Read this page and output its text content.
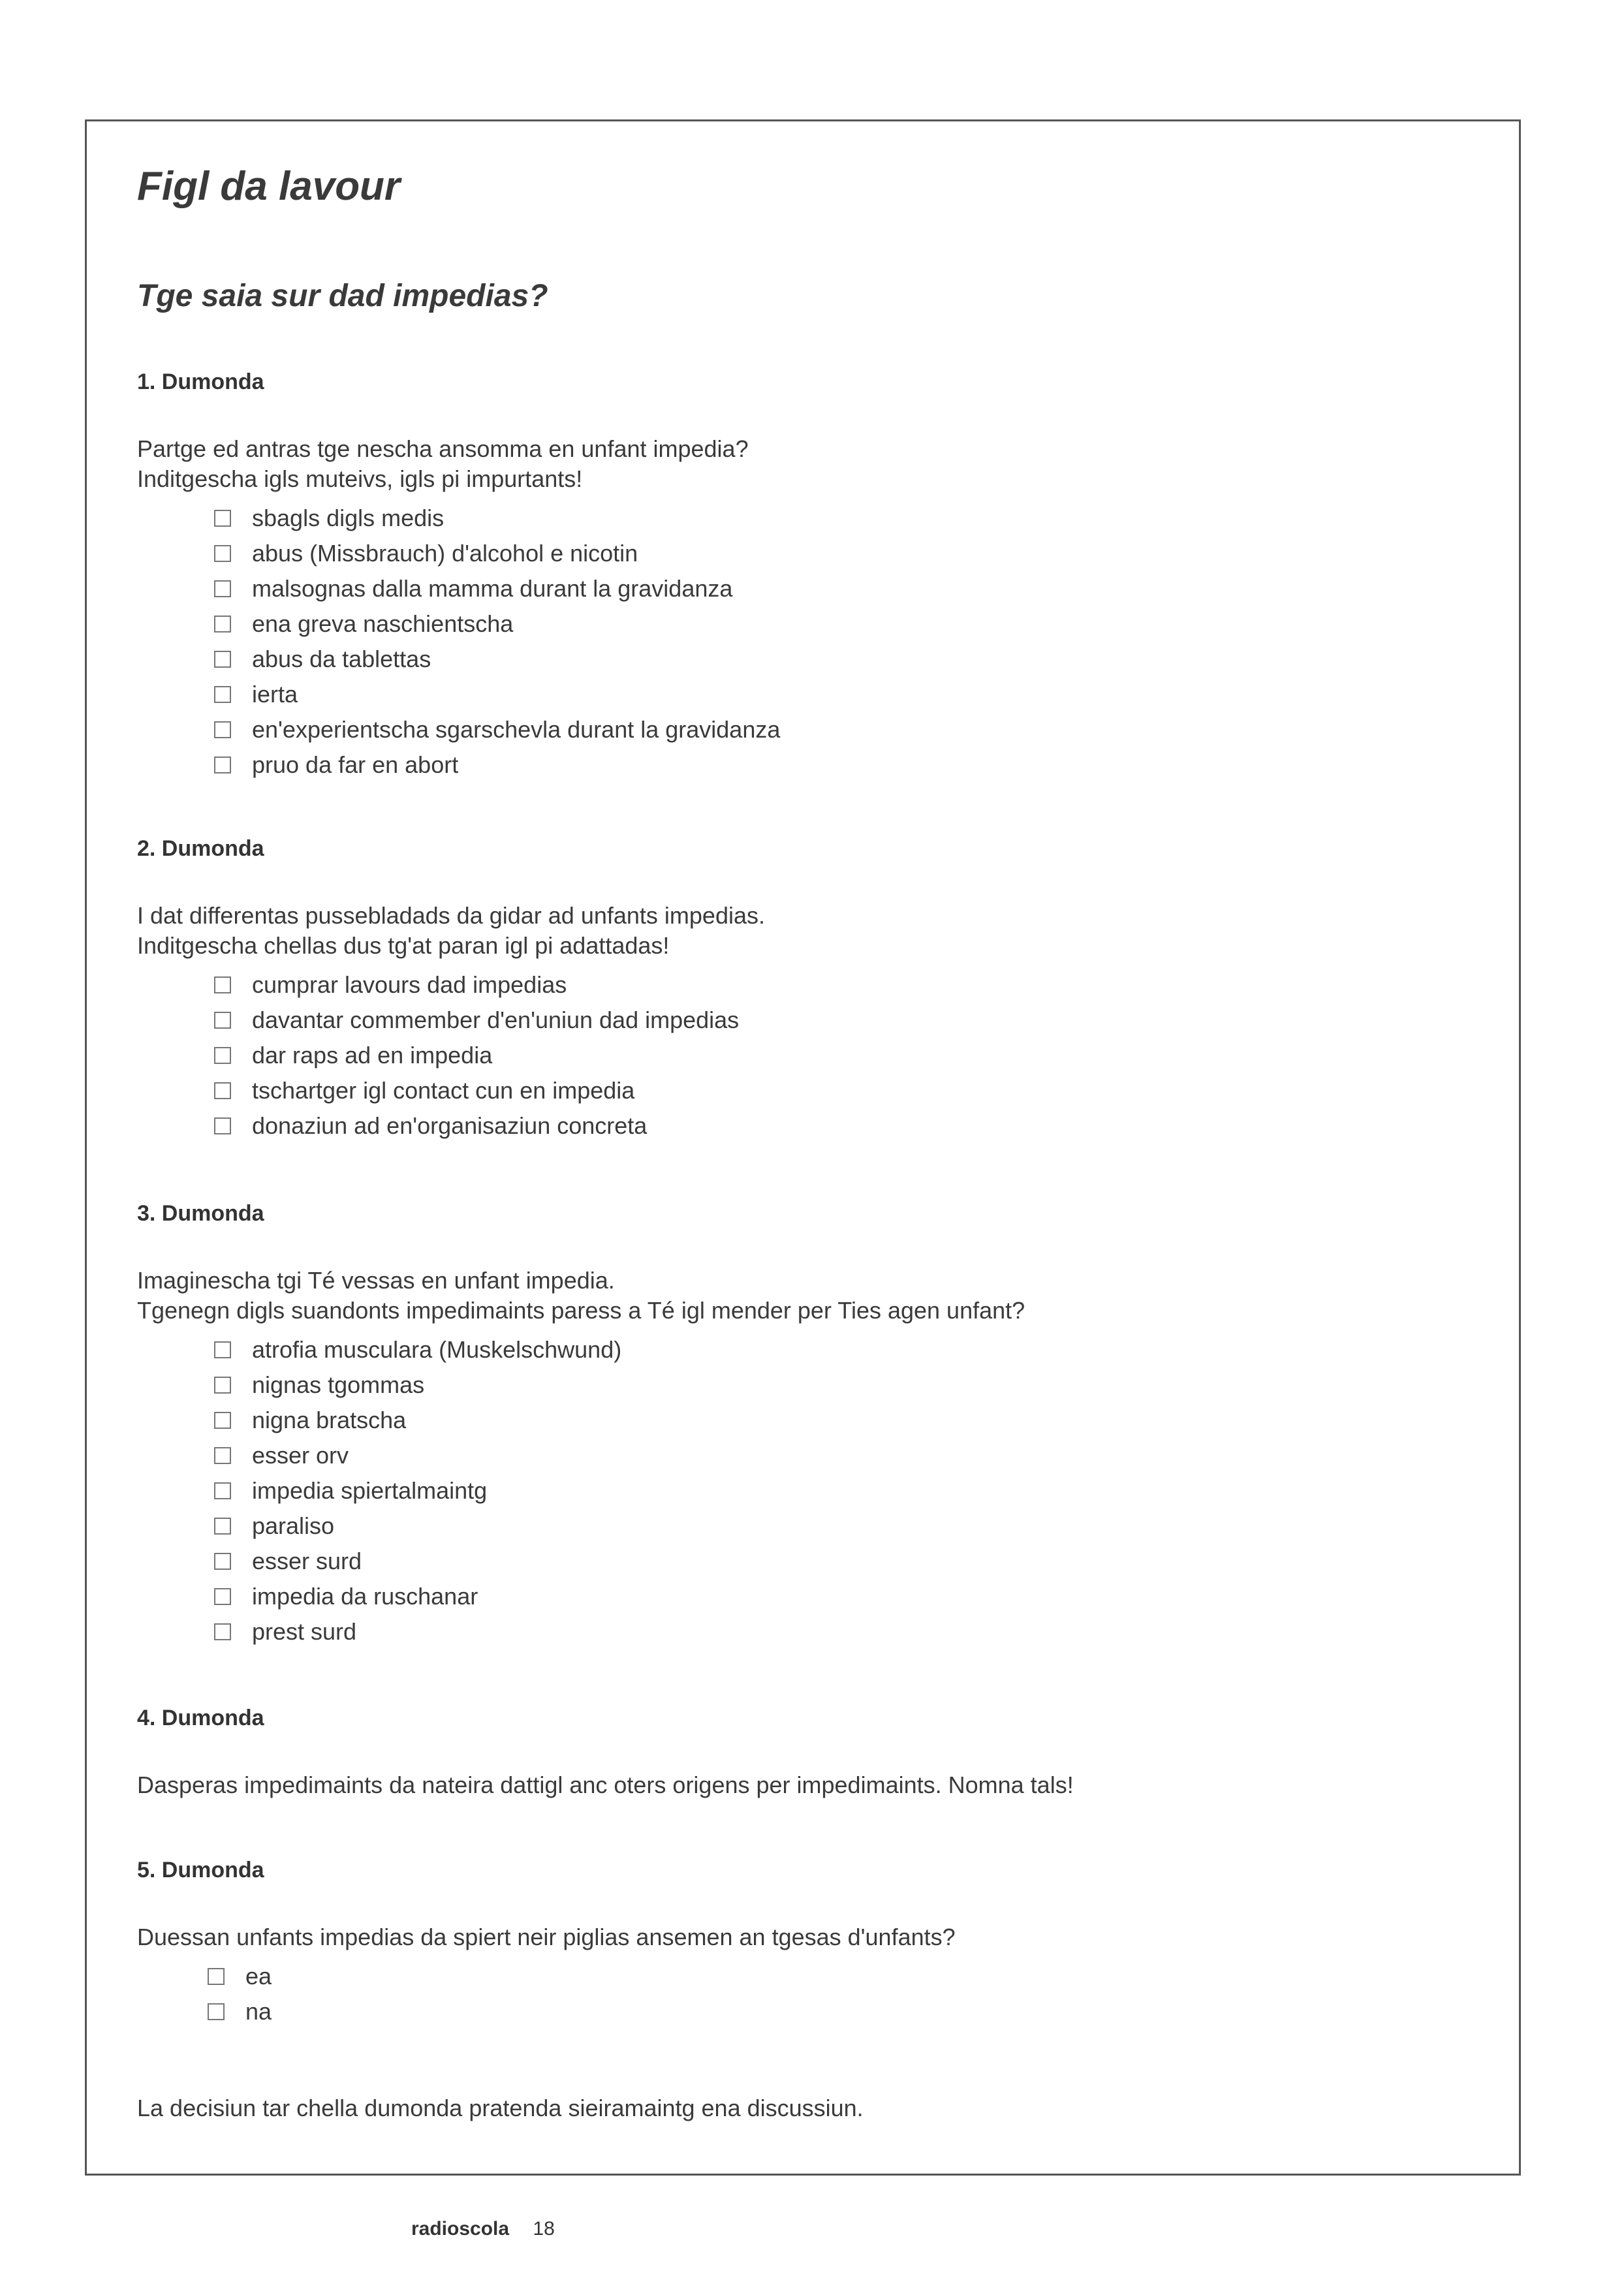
Figl da lavour
Tge saia sur dad impedias?
1. Dumonda
Partge ed antras tge nescha ansomma en unfant impedia?
Inditgescha igls muteivs, igls pi impurtants!
sbagls digls medis
abus (Missbrauch) d'alcohol e nicotin
malsognas dalla mamma durant la gravidanza
ena greva naschientscha
abus da tablettas
ierta
en'experientscha sgarschevla durant la gravidanza
pruo da far en abort
2. Dumonda
I dat differentas pussebladads da gidar ad unfants impedias.
Inditgescha chellas dus tg'at paran igl pi adattadas!
cumprar lavours dad impedias
davantar commember d'en'uniun dad impedias
dar raps ad en impedia
tschartger igl contact cun en impedia
donaziun ad en'organisaziun concreta
3. Dumonda
Imaginescha tgi Té vessas en unfant impedia.
Tgenegn digls suandonts impedimaints paress a Té igl mender per Ties agen unfant?
atrofia musculara (Muskelschwund)
nignas tgommas
nigna bratscha
esser orv
impedia spiertalmaintg
paraliso
esser surd
impedia da ruschanar
prest surd
4. Dumonda
Dasperas impedimaints da nateira dattigl anc oters origens per impedimaints. Nomna tals!
5. Dumonda
Duessan unfants impedias da spiert neir piglias ansemen an tgesas d'unfants?
ea
na
La decisiun tar chella dumonda pratenda sieiramaintg ena discussiun.
radioscola 18
